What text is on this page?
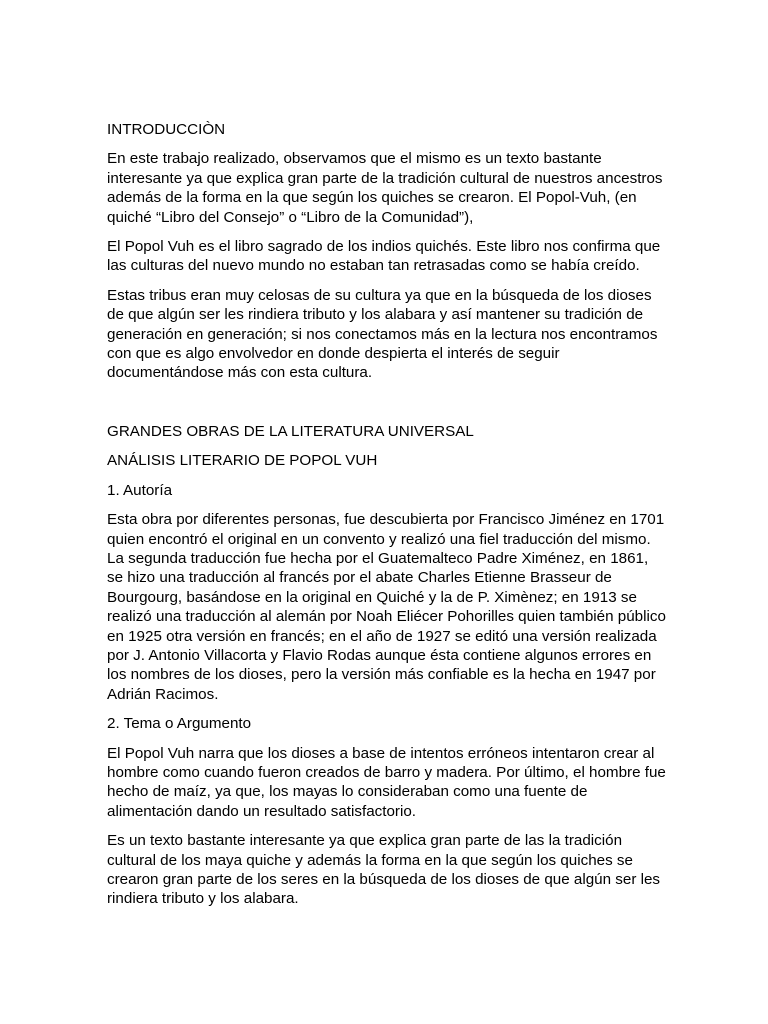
INTRODUCCIÒN

En este trabajo realizado, observamos que el mismo es un texto bastante interesante ya que explica gran parte de la tradición cultural de nuestros ancestros además de la forma en la que según los quiches se crearon. El Popol-Vuh, (en quiché “Libro del Consejo” o “Libro de la Comunidad”),

El Popol Vuh es el libro sagrado de los indios quichés. Este libro nos confirma que las culturas del nuevo mundo no estaban tan retrasadas como se había creído.

Estas tribus eran muy celosas de su cultura ya que en la búsqueda de los dioses de que algún ser les rindiera tributo y los alabara y así mantener su tradición de generación en generación; si nos conectamos más en la lectura nos encontramos con que es algo envolvedor en donde despierta el interés de seguir documentándose más con esta cultura.

GRANDES OBRAS DE LA LITERATURA UNIVERSAL

ANÁLISIS LITERARIO DE POPOL VUH

1. Autoría

Esta obra por diferentes personas, fue descubierta por Francisco Jiménez en 1701 quien encontró el original en un convento y realizó una fiel traducción del mismo. La segunda traducción fue hecha por el Guatemalteco Padre Ximénez, en 1861, se hizo una traducción al francés por el abate Charles Etienne Brasseur de Bourgourg, basándose en la original en Quiché y la de P. Ximènez; en 1913 se realizó una traducción al alemán por Noah Eliécer Pohorilles quien también público en 1925 otra versión en francés; en el año de 1927 se editó una versión realizada por J. Antonio Villacorta y Flavio Rodas aunque ésta contiene algunos errores en los nombres de los dioses, pero la versión más confiable es la hecha en 1947 por Adrián Racimos.

2. Tema o Argumento

El Popol Vuh narra que los dioses a base de intentos erróneos intentaron crear al hombre como cuando fueron creados de barro y madera. Por último, el hombre fue hecho de maíz, ya que, los mayas lo consideraban como una fuente de alimentación dando un resultado satisfactorio.

Es un texto bastante interesante ya que explica gran parte de las la tradición cultural de los maya quiche y además la forma en la que según los quiches se crearon gran parte de los seres en la búsqueda de los dioses de que algún ser les rindiera tributo y los alabara.
